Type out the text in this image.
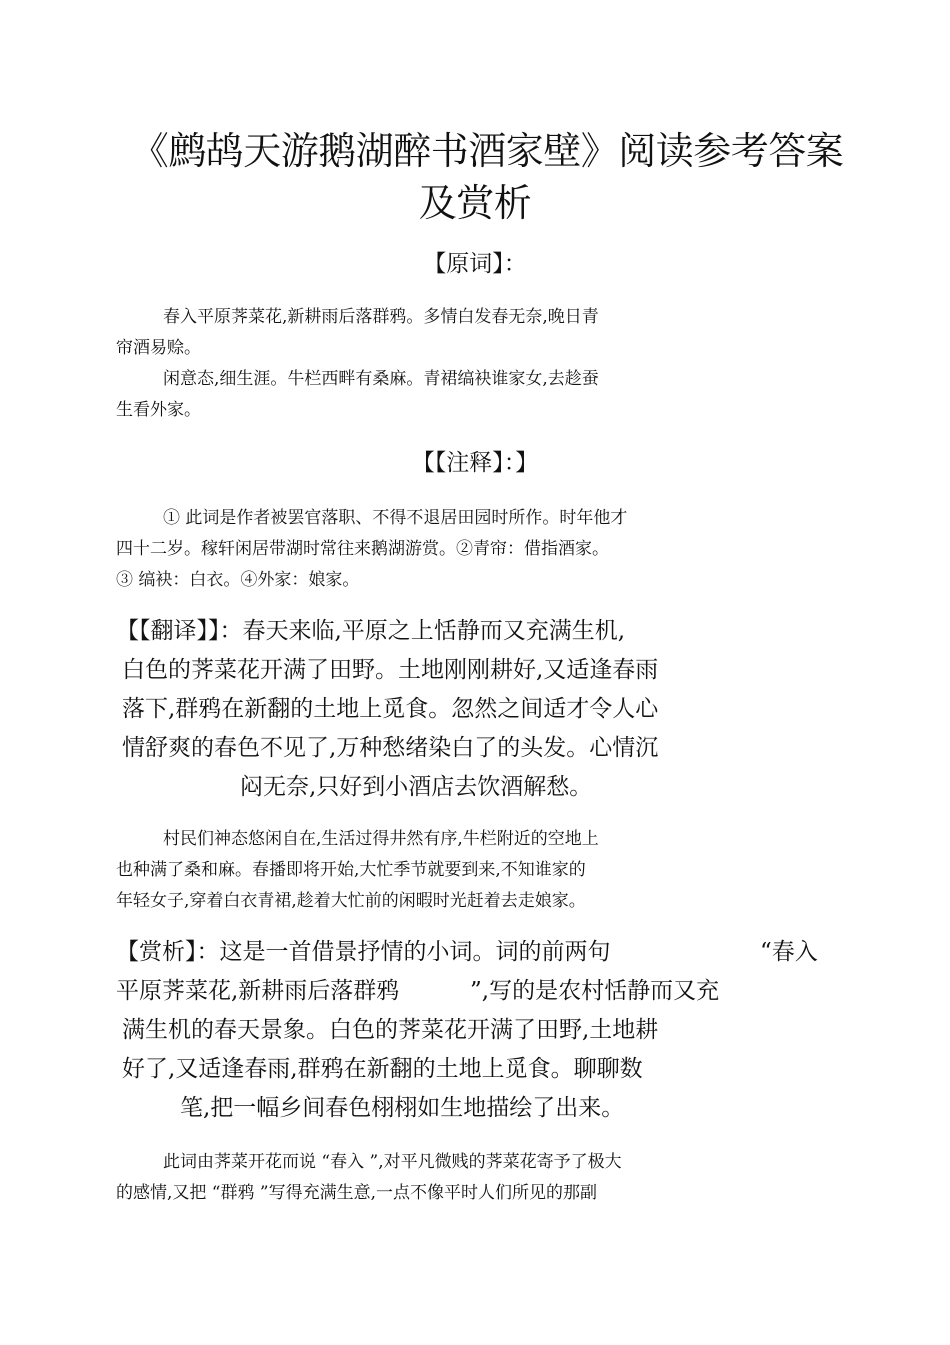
《鹧鸪天游鹅湖醉书酒家壁》阅读参考答案
及赏析
【原词】：
春入平原荠菜花,新耕雨后落群鸦。多情白发春无奈,晚日青
帘酒易赊。
闲意态,细生涯。牛栏西畔有桑麻。青裙缟袂谁家女,去趁蚕
生看外家。
【【注释】：】
① 此词是作者被罢官落职、不得不退居田园时所作。时年他才
四十二岁。稼轩闲居带湖时常往来鹅湖游赏。②青帘：借指酒家。
③ 缟袂：白衣。④外家：娘家。
【【翻译】】：春天来临,平原之上恬静而又充满生机,
白色的荠菜花开满了田野。土地刚刚耕好,又适逢春雨
落下,群鸦在新翻的土地上觅食。忽然之间适才令人心
情舒爽的春色不见了,万种愁绪染白了的头发。心情沉
闷无奈,只好到小酒店去饮酒解愁。
村民们神态悠闲自在,生活过得井然有序,牛栏附近的空地上
也种满了桑和麻。春播即将开始,大忙季节就要到来,不知谁家的
年轻女子,穿着白衣青裙,趁着大忙前的闲暇时光赶着去走娘家。
【赏析】：这是一首借景抒情的小词。词的前两句	“春入
平原荠菜花,新耕雨后落群鸦	”,写的是农村恬静而又充
满生机的春天景象。白色的荠菜花开满了田野,土地耕
好了,又适逢春雨,群鸦在新翻的土地上觅食。聊聊数
笔,把一幅乡间春色栩栩如生地描绘了出来。
此词由荠菜开花而说 “春入 ”,对平凡微贱的荠菜花寄予了极大
的感情,又把 “群鸦 ”写得充满生意,一点不像平时人们所见的那副
